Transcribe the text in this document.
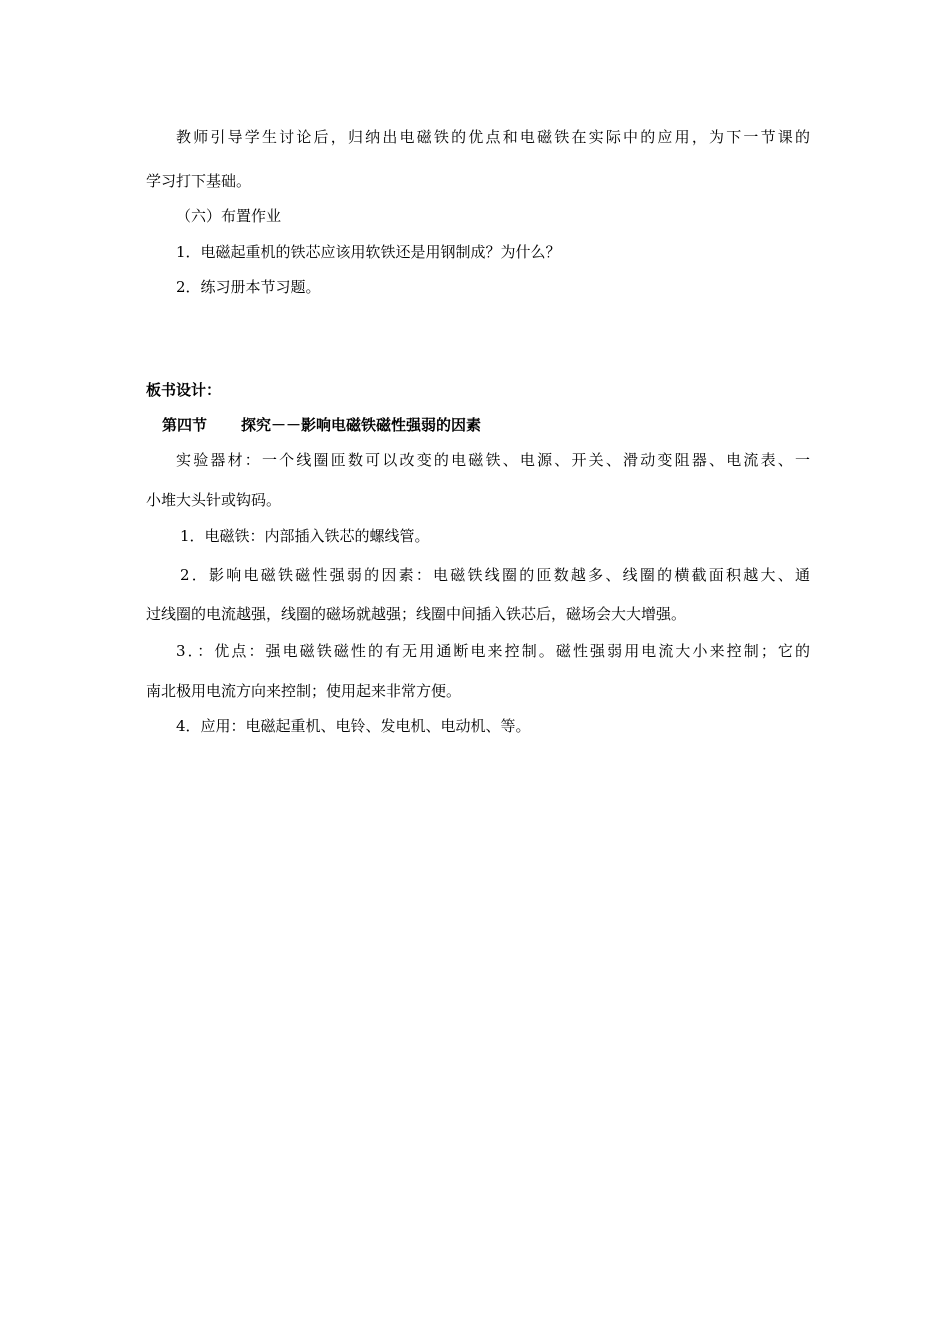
教师引导学生讨论后，归纳出电磁铁的优点和电磁铁在实际中的应用，为下一节课的
学习打下基础。
（六）布置作业
1．电磁起重机的铁芯应该用软铁还是用钢制成？为什么？
2．练习册本节习题。
板书设计：
第四节 探究－－影响电磁铁磁性强弱的因素
实验器材：一个线圈匝数可以改变的电磁铁、电源、开关、滑动变阻器、电流表、一
小堆大头针或钩码。
1．电磁铁：内部插入铁芯的螺线管。
2．影响电磁铁磁性强弱的因素：电磁铁线圈的匝数越多、线圈的横截面积越大、通
过线圈的电流越强，线圈的磁场就越强；线圈中间插入铁芯后，磁场会大大增强。
3．：优点：强电磁铁磁性的有无用通断电来控制。磁性强弱用电流大小来控制；它的
南北极用电流方向来控制；使用起来非常方便。
4．应用：电磁起重机、电铃、发电机、电动机、等。
